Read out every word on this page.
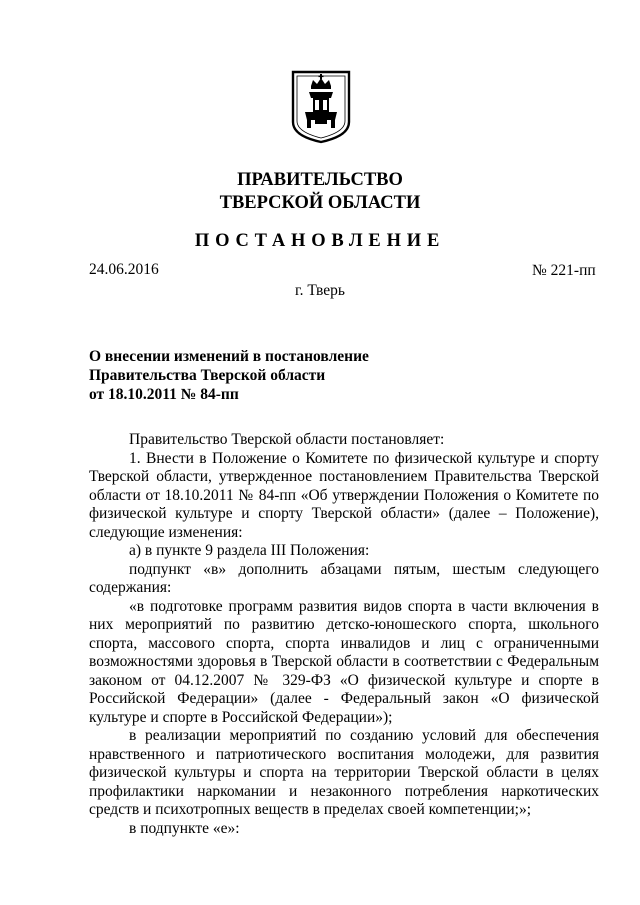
ПРАВИТЕЛЬСТВО
ТВЕРСКОЙ ОБЛАСТИ
ПОСТАНОВЛЕНИЕ
24.06.2016	№ 221-пп
г. Тверь
О внесении изменений в постановление
Правительства Тверской области
от 18.10.2011 № 84-пп

Правительство Тверской области постановляет:

1. Внести в Положение о Комитете по физической культуре и спорту Тверской области, утвержденное постановлением Правительства Тверской области от 18.10.2011 № 84-пп «Об утверждении Положения о Комитете по физической культуре и спорту Тверской области» (далее – Положение), следующие изменения:

а) в пункте 9 раздела III Положения:

подпункт «в» дополнить абзацами пятым, шестым следующего содержания:

«в подготовке программ развития видов спорта в части включения в них мероприятий по развитию детско-юношеского спорта, школьного спорта, массового спорта, спорта инвалидов и лиц с ограниченными возможностями здоровья в Тверской области в соответствии с Федеральным законом от 04.12.2007 № 329-ФЗ «О физической культуре и спорте в Российской Федерации» (далее - Федеральный закон «О физической культуре и спорте в Российской Федерации»);

в реализации мероприятий по созданию условий для обеспечения нравственного и патриотического воспитания молодежи, для развития физической культуры и спорта на территории Тверской области в целях профилактики наркомании и незаконного потребления наркотических средств и психотропных веществ в пределах своей компетенции;»;

в подпункте «е»:
